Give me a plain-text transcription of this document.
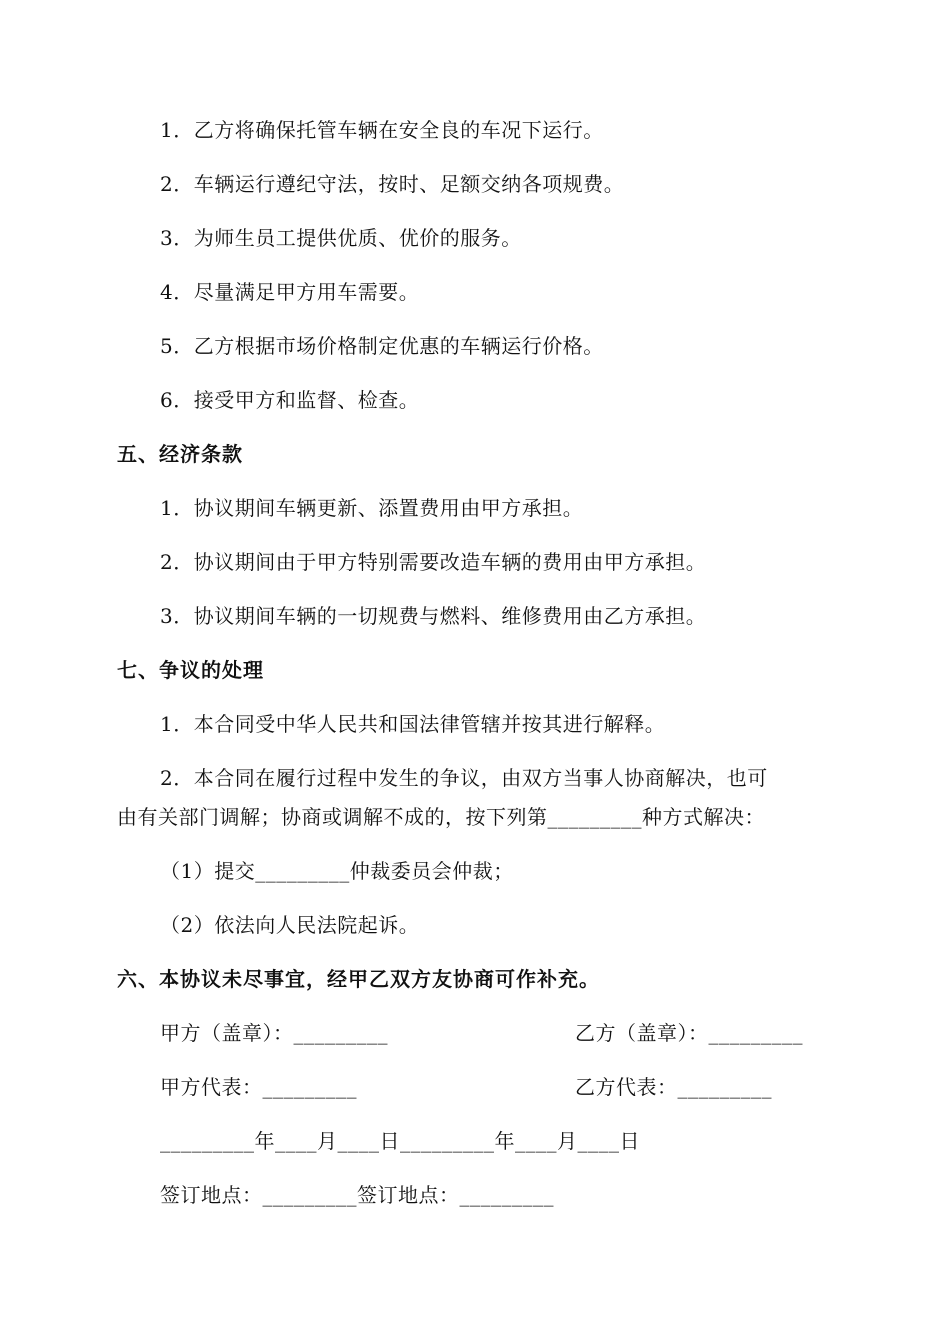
1．乙方将确保托管车辆在安全良的车况下运行。
2．车辆运行遵纪守法，按时、足额交纳各项规费。
3．为师生员工提供优质、优价的服务。
4．尽量满足甲方用车需要。
5．乙方根据市场价格制定优惠的车辆运行价格。
6．接受甲方和监督、检查。
五、经济条款
1．协议期间车辆更新、添置费用由甲方承担。
2．协议期间由于甲方特别需要改造车辆的费用由甲方承担。
3．协议期间车辆的一切规费与燃料、维修费用由乙方承担。
七、争议的处理
1．本合同受中华人民共和国法律管辖并按其进行解释。
2．本合同在履行过程中发生的争议，由双方当事人协商解决，也可
由有关部门调解；协商或调解不成的，按下列第_________种方式解决：
（1）提交_________仲裁委员会仲裁；
（2）依法向人民法院起诉。
六、本协议未尽事宜，经甲乙双方友协商可作补充。
甲方（盖章）：_________	乙方（盖章）：_________
甲方代表：_________	乙方代表：_________
_________年____月____日_________年____月____日
签订地点：_________签订地点：_________
